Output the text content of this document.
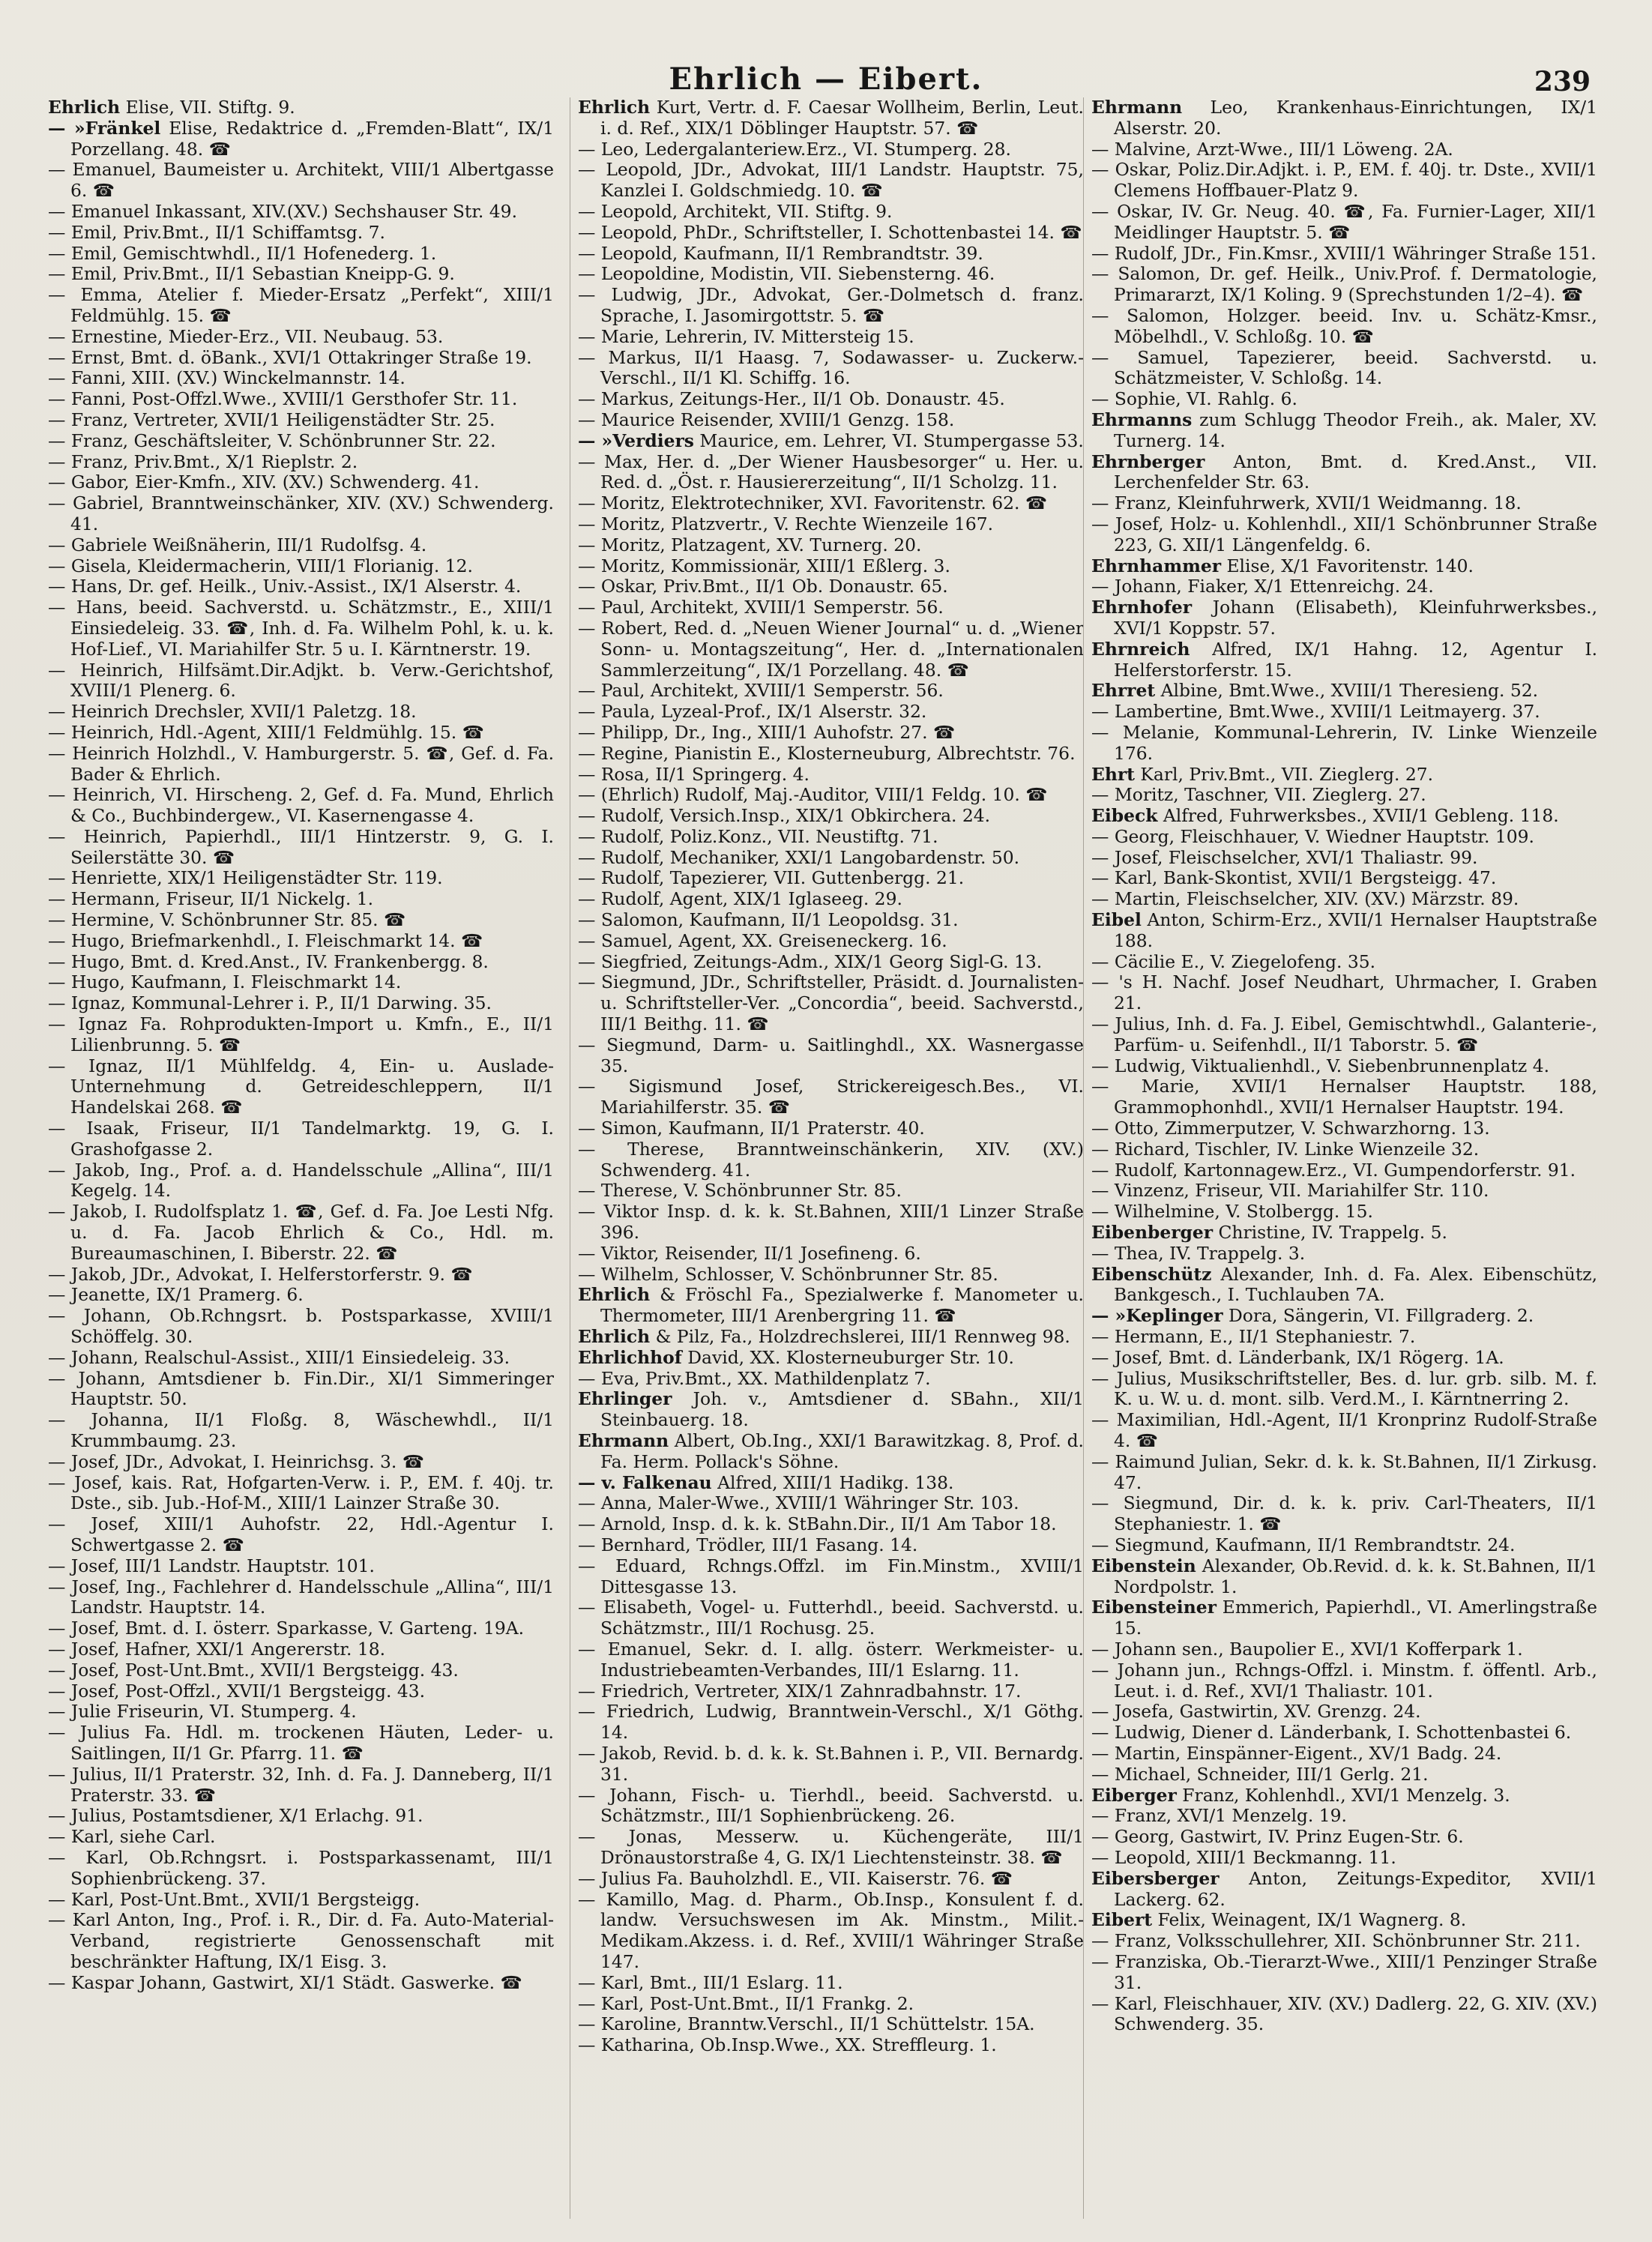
Ehrlich — Eibert.	239

Ehrlich Elise, VII. Stiftg. 9.

— »Fränkel Elise, Redaktrice d. „Fremden-Blatt“, IX/1 Porzellang. 48. ☎

— Emanuel, Baumeister u. Architekt, VIII/1 Albertgasse 6. ☎

— Emanuel Inkassant, XIV.(XV.) Sechshauser Str. 49.

— Emil, Priv.Bmt., II/1 Schiffamtsg. 7.

— Emil, Gemischtwhdl., II/1 Hofenederg. 1.

— Emil, Priv.Bmt., II/1 Sebastian Kneipp-G. 9.

— Emma, Atelier f. Mieder-Ersatz „Perfekt“, XIII/1 Feldmühlg. 15. ☎

— Ernestine, Mieder-Erz., VII. Neubaug. 53.

— Ernst, Bmt. d. öBank., XVI/1 Ottakringer Straße 19.

— Fanni, XIII. (XV.) Winckelmannstr. 14.

— Fanni, Post-Offzl.Wwe., XVIII/1 Gersthofer Str. 11.

— Franz, Vertreter, XVII/1 Heiligenstädter Str. 25.

— Franz, Geschäftsleiter, V. Schönbrunner Str. 22.

— Franz, Priv.Bmt., X/1 Rieplstr. 2.

— Gabor, Eier-Kmfn., XIV. (XV.) Schwenderg. 41.

— Gabriel, Branntweinschänker, XIV. (XV.) Schwenderg. 41.

— Gabriele Weißnäherin, III/1 Rudolfsg. 4.

— Gisela, Kleidermacherin, VIII/1 Florianig. 12.

— Hans, Dr. gef. Heilk., Univ.-Assist., IX/1 Alserstr. 4.

— Hans, beeid. Sachverstd. u. Schätzmstr., E., XIII/1 Einsiedeleig. 33. ☎, Inh. d. Fa. Wilhelm Pohl, k. u. k. Hof-Lief., VI. Mariahilfer Str. 5 u. I. Kärntnerstr. 19.

— Heinrich, Hilfsämt.Dir.Adjkt. b. Verw.-Gerichtshof, XVIII/1 Plenerg. 6.

— Heinrich Drechsler, XVII/1 Paletzg. 18.

— Heinrich, Hdl.-Agent, XIII/1 Feldmühlg. 15. ☎

— Heinrich Holzhdl., V. Hamburgerstr. 5. ☎, Gef. d. Fa. Bader & Ehrlich.

— Heinrich, VI. Hirscheng. 2, Gef. d. Fa. Mund, Ehrlich & Co., Buchbindergew., VI. Kasernengasse 4.

— Heinrich, Papierhdl., III/1 Hintzerstr. 9, G. I. Seilerstätte 30. ☎

— Henriette, XIX/1 Heiligenstädter Str. 119.

— Hermann, Friseur, II/1 Nickelg. 1.

— Hermine, V. Schönbrunner Str. 85. ☎

— Hugo, Briefmarkenhdl., I. Fleischmarkt 14. ☎

— Hugo, Bmt. d. Kred.Anst., IV. Frankenbergg. 8.

— Hugo, Kaufmann, I. Fleischmarkt 14.

— Ignaz, Kommunal-Lehrer i. P., II/1 Darwing. 35.

— Ignaz Fa. Rohprodukten-Import u. Kmfn., E., II/1 Lilienbrunng. 5. ☎

— Ignaz, II/1 Mühlfeldg. 4, Ein- u. Auslade-Unternehmung d. Getreideschleppern, II/1 Handelskai 268. ☎

— Isaak, Friseur, II/1 Tandelmarktg. 19, G. I. Grashofgasse 2.

— Jakob, Ing., Prof. a. d. Handelsschule „Allina“, III/1 Kegelg. 14.

— Jakob, I. Rudolfsplatz 1. ☎, Gef. d. Fa. Joe Lesti Nfg. u. d. Fa. Jacob Ehrlich & Co., Hdl. m. Bureaumaschinen, I. Biberstr. 22. ☎

— Jakob, JDr., Advokat, I. Helferstorferstr. 9. ☎

— Jeanette, IX/1 Pramerg. 6.

— Johann, Ob.Rchngsrt. b. Postsparkasse, XVIII/1 Schöffelg. 30.

— Johann, Realschul-Assist., XIII/1 Einsiedeleig. 33.

— Johann, Amtsdiener b. Fin.Dir., XI/1 Simmeringer Hauptstr. 50.

— Johanna, II/1 Floßg. 8, Wäschewhdl., II/1 Krummbaumg. 23.

— Josef, JDr., Advokat, I. Heinrichsg. 3. ☎

— Josef, kais. Rat, Hofgarten-Verw. i. P., EM. f. 40j. tr. Dste., sib. Jub.-Hof-M., XIII/1 Lainzer Straße 30.

— Josef, XIII/1 Auhofstr. 22, Hdl.-Agentur I. Schwertgasse 2. ☎

— Josef, III/1 Landstr. Hauptstr. 101.

— Josef, Ing., Fachlehrer d. Handelsschule „Allina“, III/1 Landstr. Hauptstr. 14.

— Josef, Bmt. d. I. österr. Sparkasse, V. Garteng. 19A.

— Josef, Hafner, XXI/1 Angererstr. 18.

— Josef, Post-Unt.Bmt., XVII/1 Bergsteigg. 43.

— Josef, Post-Offzl., XVII/1 Bergsteigg. 43.

— Julie Friseurin, VI. Stumperg. 4.

— Julius Fa. Hdl. m. trockenen Häuten, Leder- u. Saitlingen, II/1 Gr. Pfarrg. 11. ☎

— Julius, II/1 Praterstr. 32, Inh. d. Fa. J. Danneberg, II/1 Praterstr. 33. ☎

— Julius, Postamtsdiener, X/1 Erlachg. 91.

— Karl, siehe Carl.

— Karl, Ob.Rchngsrt. i. Postsparkassenamt, III/1 Sophienbrückeng. 37.

— Karl, Post-Unt.Bmt., XVII/1 Bergsteigg.

— Karl Anton, Ing., Prof. i. R., Dir. d. Fa. Auto-Material-Verband, registrierte Genossenschaft mit beschränkter Haftung, IX/1 Eisg. 3.

— Kaspar Johann, Gastwirt, XI/1 Städt. Gaswerke. ☎

Ehrlich Kurt, Vertr. d. F. Caesar Wollheim, Berlin, Leut. i. d. Ref., XIX/1 Döblinger Hauptstr. 57. ☎

— Leo, Ledergalanteriew.Erz., VI. Stumperg. 28.

— Leopold, JDr., Advokat, III/1 Landstr. Hauptstr. 75, Kanzlei I. Goldschmiedg. 10. ☎

— Leopold, Architekt, VII. Stiftg. 9.

— Leopold, PhDr., Schriftsteller, I. Schottenbastei 14. ☎

— Leopold, Kaufmann, II/1 Rembrandtstr. 39.

— Leopoldine, Modistin, VII. Siebensterng. 46.

— Ludwig, JDr., Advokat, Ger.-Dolmetsch d. franz. Sprache, I. Jasomirgottstr. 5. ☎

— Marie, Lehrerin, IV. Mittersteig 15.

— Markus, II/1 Haasg. 7, Sodawasser- u. Zuckerw.-Verschl., II/1 Kl. Schiffg. 16.

— Markus, Zeitungs-Her., II/1 Ob. Donaustr. 45.

— Maurice Reisender, XVIII/1 Genzg. 158.

— »Verdiers Maurice, em. Lehrer, VI. Stumpergasse 53.

— Max, Her. d. „Der Wiener Hausbesorger“ u. Her. u. Red. d. „Öst. r. Hausiererzeitung“, II/1 Scholzg. 11.

— Moritz, Elektrotechniker, XVI. Favoritenstr. 62. ☎

— Moritz, Platzvertr., V. Rechte Wienzeile 167.

— Moritz, Platzagent, XV. Turnerg. 20.

— Moritz, Kommissionär, XIII/1 Eßlerg. 3.

— Oskar, Priv.Bmt., II/1 Ob. Donaustr. 65.

— Paul, Architekt, XVIII/1 Semperstr. 56.

— Robert, Red. d. „Neuen Wiener Journal“ u. d. „Wiener Sonn- u. Montagszeitung“, Her. d. „Internationalen Sammlerzeitung“, IX/1 Porzellang. 48. ☎

— Paul, Architekt, XVIII/1 Semperstr. 56.

— Paula, Lyzeal-Prof., IX/1 Alserstr. 32.

— Philipp, Dr., Ing., XIII/1 Auhofstr. 27. ☎

— Regine, Pianistin E., Klosterneuburg, Albrechtstr. 76.

— Rosa, II/1 Springerg. 4.

— (Ehrlich) Rudolf, Maj.-Auditor, VIII/1 Feldg. 10. ☎

— Rudolf, Versich.Insp., XIX/1 Obkirchera. 24.

— Rudolf, Poliz.Konz., VII. Neustiftg. 71.

— Rudolf, Mechaniker, XXI/1 Langobardenstr. 50.

— Rudolf, Tapezierer, VII. Guttenbergg. 21.

— Rudolf, Agent, XIX/1 Iglaseeg. 29.

— Salomon, Kaufmann, II/1 Leopoldsg. 31.

— Samuel, Agent, XX. Greiseneckerg. 16.

— Siegfried, Zeitungs-Adm., XIX/1 Georg Sigl-G. 13.

— Siegmund, JDr., Schriftsteller, Präsidt. d. Journalisten- u. Schriftsteller-Ver. „Concordia“, beeid. Sachverstd., III/1 Beithg. 11. ☎

— Siegmund, Darm- u. Saitlinghdl., XX. Wasnergasse 35.

— Sigismund Josef, Strickereigesch.Bes., VI. Mariahilferstr. 35. ☎

— Simon, Kaufmann, II/1 Praterstr. 40.

— Therese, Branntweinschänkerin, XIV. (XV.) Schwenderg. 41.

— Therese, V. Schönbrunner Str. 85.

— Viktor Insp. d. k. k. St.Bahnen, XIII/1 Linzer Straße 396.

— Viktor, Reisender, II/1 Josefineng. 6.

— Wilhelm, Schlosser, V. Schönbrunner Str. 85.

Ehrlich & Fröschl Fa., Spezialwerke f. Manometer u. Thermometer, III/1 Arenbergring 11. ☎

Ehrlich & Pilz, Fa., Holzdrechslerei, III/1 Rennweg 98.

Ehrlichhof David, XX. Klosterneuburger Str. 10.

— Eva, Priv.Bmt., XX. Mathildenplatz 7.

Ehrlinger Joh. v., Amtsdiener d. SBahn., XII/1 Steinbauerg. 18.

Ehrmann Albert, Ob.Ing., XXI/1 Barawitzkag. 8, Prof. d. Fa. Herm. Pollack's Söhne.

— v. Falkenau Alfred, XIII/1 Hadikg. 138.

— Anna, Maler-Wwe., XVIII/1 Währinger Str. 103.

— Arnold, Insp. d. k. k. StBahn.Dir., II/1 Am Tabor 18.

— Bernhard, Trödler, III/1 Fasang. 14.

— Eduard, Rchngs.Offzl. im Fin.Minstm., XVIII/1 Dittesgasse 13.

— Elisabeth, Vogel- u. Futterhdl., beeid. Sachverstd. u. Schätzmstr., III/1 Rochusg. 25.

— Emanuel, Sekr. d. I. allg. österr. Werkmeister- u. Industriebeamten-Verbandes, III/1 Eslarng. 11.

— Friedrich, Vertreter, XIX/1 Zahnradbahnstr. 17.

— Friedrich, Ludwig, Branntwein-Verschl., X/1 Göthg. 14.

— Jakob, Revid. b. d. k. k. St.Bahnen i. P., VII. Bernardg. 31.

— Johann, Fisch- u. Tierhdl., beeid. Sachverstd. u. Schätzmstr., III/1 Sophienbrückeng. 26.

— Jonas, Messerw. u. Küchengeräte, III/1 Drönaustorstraße 4, G. IX/1 Liechtensteinstr. 38. ☎

— Julius Fa. Bauholzhdl. E., VII. Kaiserstr. 76. ☎

— Kamillo, Mag. d. Pharm., Ob.Insp., Konsulent f. d. landw. Versuchswesen im Ak. Minstm., Milit.-Medikam.Akzess. i. d. Ref., XVIII/1 Währinger Straße 147.

— Karl, Bmt., III/1 Eslarg. 11.

— Karl, Post-Unt.Bmt., II/1 Frankg. 2.

— Karoline, Branntw.Verschl., II/1 Schüttelstr. 15A.

— Katharina, Ob.Insp.Wwe., XX. Streffleurg. 1.

Ehrmann Leo, Krankenhaus-Einrichtungen, IX/1 Alserstr. 20.

— Malvine, Arzt-Wwe., III/1 Löweng. 2A.

— Oskar, Poliz.Dir.Adjkt. i. P., EM. f. 40j. tr. Dste., XVII/1 Clemens Hoffbauer-Platz 9.

— Oskar, IV. Gr. Neug. 40. ☎, Fa. Furnier-Lager, XII/1 Meidlinger Hauptstr. 5. ☎

— Rudolf, JDr., Fin.Kmsr., XVIII/1 Währinger Straße 151.

— Salomon, Dr. gef. Heilk., Univ.Prof. f. Dermatologie, Primararzt, IX/1 Koling. 9 (Sprechstunden 1/2–4). ☎

— Salomon, Holzger. beeid. Inv. u. Schätz-Kmsr., Möbelhdl., V. Schloßg. 10. ☎

— Samuel, Tapezierer, beeid. Sachverstd. u. Schätzmeister, V. Schloßg. 14.

— Sophie, VI. Rahlg. 6.

Ehrmanns zum Schlugg Theodor Freih., ak. Maler, XV. Turnerg. 14.

Ehrnberger Anton, Bmt. d. Kred.Anst., VII. Lerchenfelder Str. 63.

— Franz, Kleinfuhrwerk, XVII/1 Weidmanng. 18.

— Josef, Holz- u. Kohlenhdl., XII/1 Schönbrunner Straße 223, G. XII/1 Längenfeldg. 6.

Ehrnhammer Elise, X/1 Favoritenstr. 140.

— Johann, Fiaker, X/1 Ettenreichg. 24.

Ehrnhofer Johann (Elisabeth), Kleinfuhrwerksbes., XVI/1 Koppstr. 57.

Ehrnreich Alfred, IX/1 Hahng. 12, Agentur I. Helferstorferstr. 15.

Ehrret Albine, Bmt.Wwe., XVIII/1 Theresieng. 52.

— Lambertine, Bmt.Wwe., XVIII/1 Leitmayerg. 37.

— Melanie, Kommunal-Lehrerin, IV. Linke Wienzeile 176.

Ehrt Karl, Priv.Bmt., VII. Zieglerg. 27.

— Moritz, Taschner, VII. Zieglerg. 27.

Eibeck Alfred, Fuhrwerksbes., XVII/1 Gebleng. 118.

— Georg, Fleischhauer, V. Wiedner Hauptstr. 109.

— Josef, Fleischselcher, XVI/1 Thaliastr. 99.

— Karl, Bank-Skontist, XVII/1 Bergsteigg. 47.

— Martin, Fleischselcher, XIV. (XV.) Märzstr. 89.

Eibel Anton, Schirm-Erz., XVII/1 Hernalser Hauptstraße 188.

— Cäcilie E., V. Ziegelofeng. 35.

— 's H. Nachf. Josef Neudhart, Uhrmacher, I. Graben 21.

— Julius, Inh. d. Fa. J. Eibel, Gemischtwhdl., Galanterie-, Parfüm- u. Seifenhdl., II/1 Taborstr. 5. ☎

— Ludwig, Viktualienhdl., V. Siebenbrunnenplatz 4.

— Marie, XVII/1 Hernalser Hauptstr. 188, Grammophonhdl., XVII/1 Hernalser Hauptstr. 194.

— Otto, Zimmerputzer, V. Schwarzhorng. 13.

— Richard, Tischler, IV. Linke Wienzeile 32.

— Rudolf, Kartonnagew.Erz., VI. Gumpendorferstr. 91.

— Vinzenz, Friseur, VII. Mariahilfer Str. 110.

— Wilhelmine, V. Stolbergg. 15.

Eibenberger Christine, IV. Trappelg. 5.

— Thea, IV. Trappelg. 3.

Eibenschütz Alexander, Inh. d. Fa. Alex. Eibenschütz, Bankgesch., I. Tuchlauben 7A.

— »Keplinger Dora, Sängerin, VI. Fillgraderg. 2.

— Hermann, E., II/1 Stephaniestr. 7.

— Josef, Bmt. d. Länderbank, IX/1 Rögerg. 1A.

— Julius, Musikschriftsteller, Bes. d. lur. grb. silb. M. f. K. u. W. u. d. mont. silb. Verd.M., I. Kärntnerring 2.

— Maximilian, Hdl.-Agent, II/1 Kronprinz Rudolf-Straße 4. ☎

— Raimund Julian, Sekr. d. k. k. St.Bahnen, II/1 Zirkusg. 47.

— Siegmund, Dir. d. k. k. priv. Carl-Theaters, II/1 Stephaniestr. 1. ☎

— Siegmund, Kaufmann, II/1 Rembrandtstr. 24.

Eibenstein Alexander, Ob.Revid. d. k. k. St.Bahnen, II/1 Nordpolstr. 1.

Eibensteiner Emmerich, Papierhdl., VI. Amerlingstraße 15.

— Johann sen., Baupolier E., XVI/1 Kofferpark 1.

— Johann jun., Rchngs-Offzl. i. Minstm. f. öffentl. Arb., Leut. i. d. Ref., XVI/1 Thaliastr. 101.

— Josefa, Gastwirtin, XV. Grenzg. 24.

— Ludwig, Diener d. Länderbank, I. Schottenbastei 6.

— Martin, Einspänner-Eigent., XV/1 Badg. 24.

— Michael, Schneider, III/1 Gerlg. 21.

Eiberger Franz, Kohlenhdl., XVI/1 Menzelg. 3.

— Franz, XVI/1 Menzelg. 19.

— Georg, Gastwirt, IV. Prinz Eugen-Str. 6.

— Leopold, XIII/1 Beckmanng. 11.

Eibersberger Anton, Zeitungs-Expeditor, XVII/1 Lackerg. 62.

Eibert Felix, Weinagent, IX/1 Wagnerg. 8.

— Franz, Volksschullehrer, XII. Schönbrunner Str. 211.

— Franziska, Ob.-Tierarzt-Wwe., XIII/1 Penzinger Straße 31.

— Karl, Fleischhauer, XIV. (XV.) Dadlerg. 22, G. XIV. (XV.) Schwenderg. 35.
